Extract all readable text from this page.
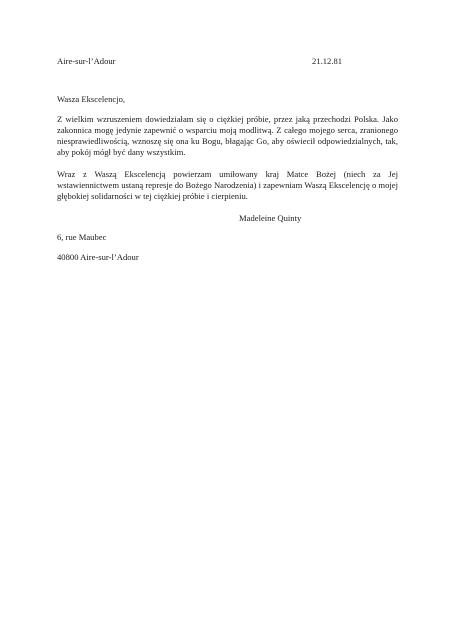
Aire-sur-l’Adour	21.12.81
Wasza Ekscelencjo,
Z wielkim wzruszeniem dowiedziałam się o ciężkiej próbie, przez jaką przechodzi Polska. Jako zakonnica mogę jedynie zapewnić o wsparciu moją modlitwą. Z całego mojego serca, zranionego niesprawiedliwością, wznoszę się ona ku Bogu, błagając Go, aby oświecił odpowiedzialnych, tak, aby pokój mógł być dany wszystkim.
Wraz z Waszą Ekscelencją powierzam umiłowany kraj Matce Bożej (niech za Jej wstawiennictwem ustaną represje do Bożego Narodzenia) i zapewniam Waszą Ekscelencję o mojej głębokiej solidarności w tej ciężkiej próbie i cierpieniu.
Madeleine Quinty
6, rue Maubec
40800 Aire-sur-l’Adour
